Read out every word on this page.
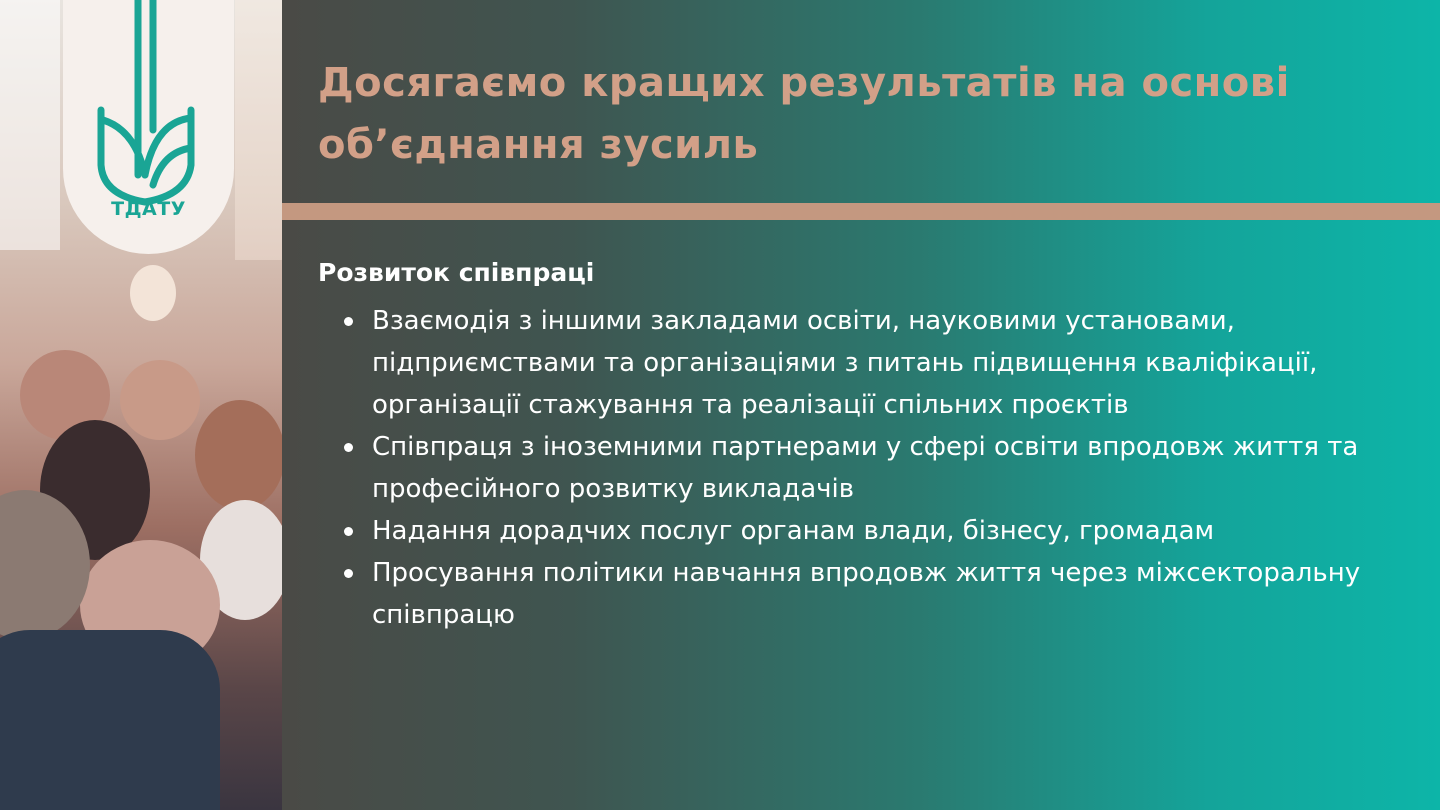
Досягаємо кращих результатів на основі об’єднання зусиль
Розвиток співпраці
Взаємодія з іншими закладами освіти, науковими установами, підприємствами та організаціями з питань підвищення кваліфікації, організації стажування та реалізації спільних проєктів
Співпраця з іноземними партнерами у сфері освіти впродовж життя та професійного розвитку викладачів
Надання дорадчих послуг органам влади, бізнесу, громадам
Просування політики навчання впродовж життя через міжсекторальну співпрацю
ТДАТУ
